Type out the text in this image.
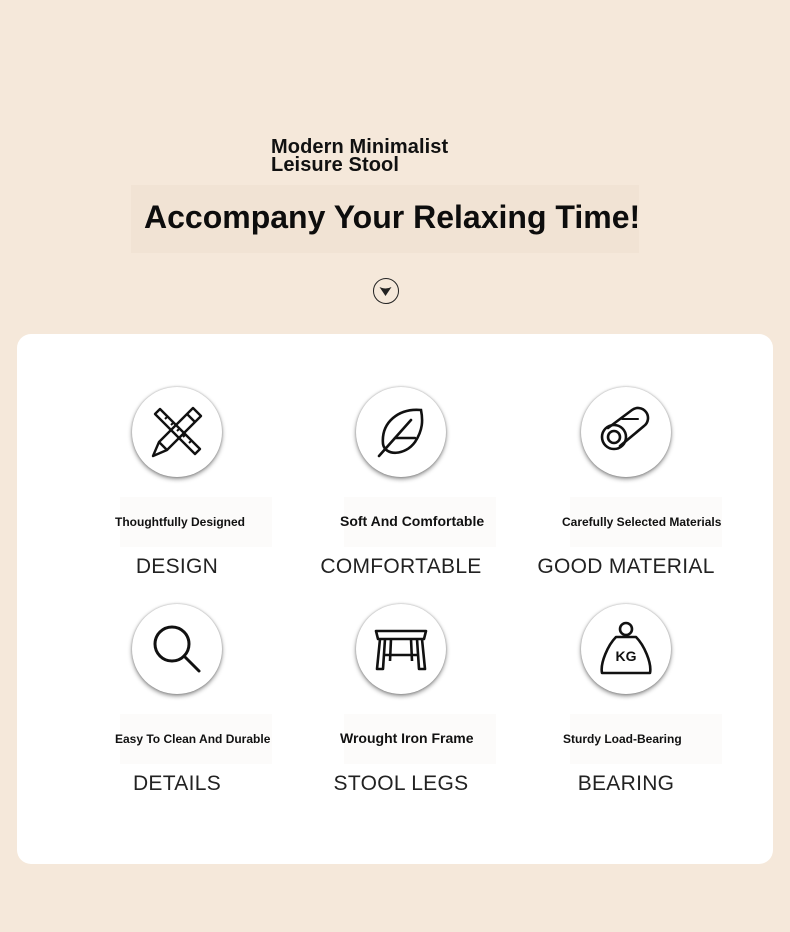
Modern Minimalist
Leisure Stool
Accompany Your Relaxing Time!
Thoughtfully Designed
DESIGN
Soft And Comfortable
COMFORTABLE
Carefully Selected Materials
GOOD MATERIAL
Easy To Clean And Durable
DETAILS
Wrought Iron Frame
STOOL LEGS
KG
Sturdy Load-Bearing
BEARING
